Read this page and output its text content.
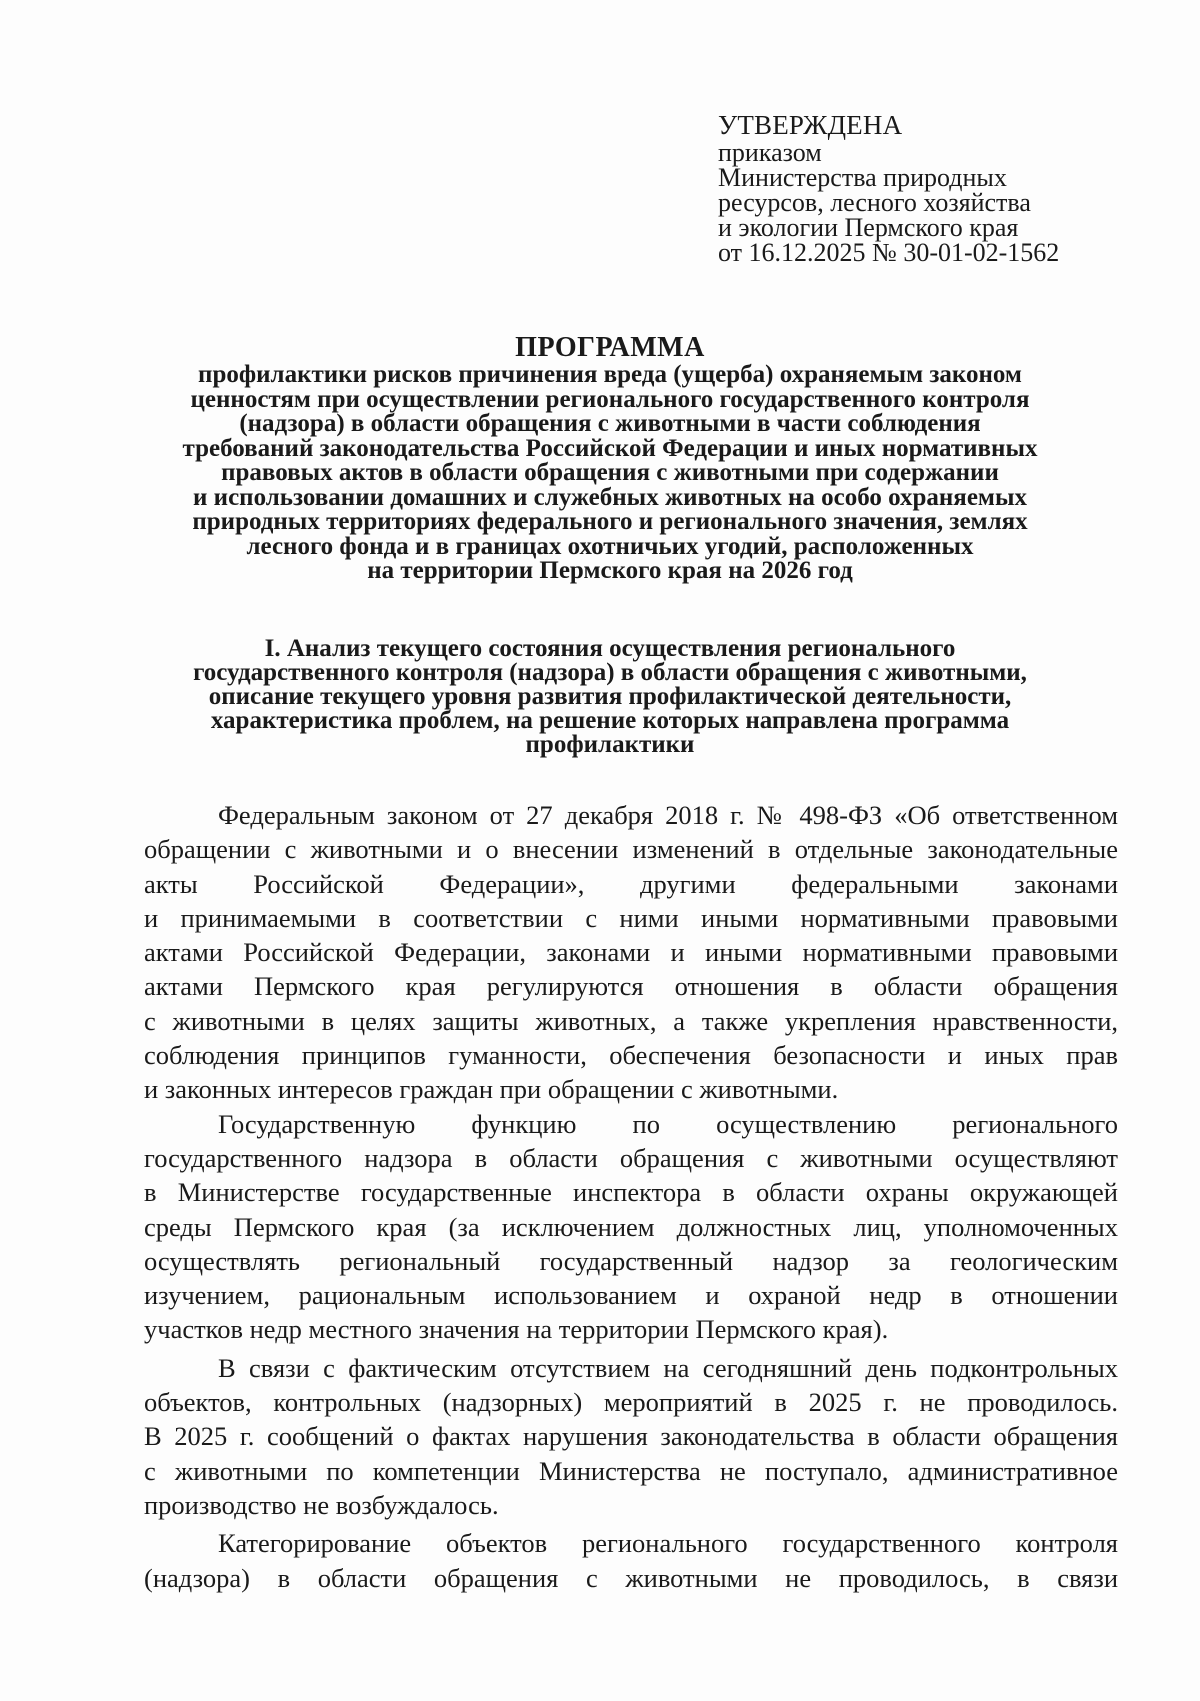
УТВЕРЖДЕНА
приказом
Министерства природных
ресурсов, лесного хозяйства
и экологии Пермского края
от 16.12.2025 № 30-01-02-1562
ПРОГРАММА
профилактики рисков причинения вреда (ущерба) охраняемым законом
ценностям при осуществлении регионального государственного контроля
(надзора) в области обращения с животными в части соблюдения
требований законодательства Российской Федерации и иных нормативных
правовых актов в области обращения с животными при содержании
и использовании домашних и служебных животных на особо охраняемых
природных территориях федерального и регионального значения, землях
лесного фонда и в границах охотничьих угодий, расположенных
на территории Пермского края на 2026 год
I. Анализ текущего состояния осуществления регионального
государственного контроля (надзора) в области обращения с животными,
описание текущего уровня развития профилактической деятельности,
характеристика проблем, на решение которых направлена программа
профилактики
Федеральным законом от 27 декабря 2018 г. № 498-ФЗ «Об ответственном
обращении с животными и о внесении изменений в отдельные законодательные
акты Российской Федерации», другими федеральными законами
и принимаемыми в соответствии с ними иными нормативными правовыми
актами Российской Федерации, законами и иными нормативными правовыми
актами Пермского края регулируются отношения в области обращения
с животными в целях защиты животных, а также укрепления нравственности,
соблюдения принципов гуманности, обеспечения безопасности и иных прав
и законных интересов граждан при обращении с животными.
Государственную функцию по осуществлению регионального
государственного надзора в области обращения с животными осуществляют
в Министерстве государственные инспектора в области охраны окружающей
среды Пермского края (за исключением должностных лиц, уполномоченных
осуществлять региональный государственный надзор за геологическим
изучением, рациональным использованием и охраной недр в отношении
участков недр местного значения на территории Пермского края).
В связи с фактическим отсутствием на сегодняшний день подконтрольных
объектов, контрольных (надзорных) мероприятий в 2025 г. не проводилось.
В 2025 г. сообщений о фактах нарушения законодательства в области обращения
с животными по компетенции Министерства не поступало, административное
производство не возбуждалось.
Категорирование объектов регионального государственного контроля
(надзора) в области обращения с животными не проводилось, в связи
